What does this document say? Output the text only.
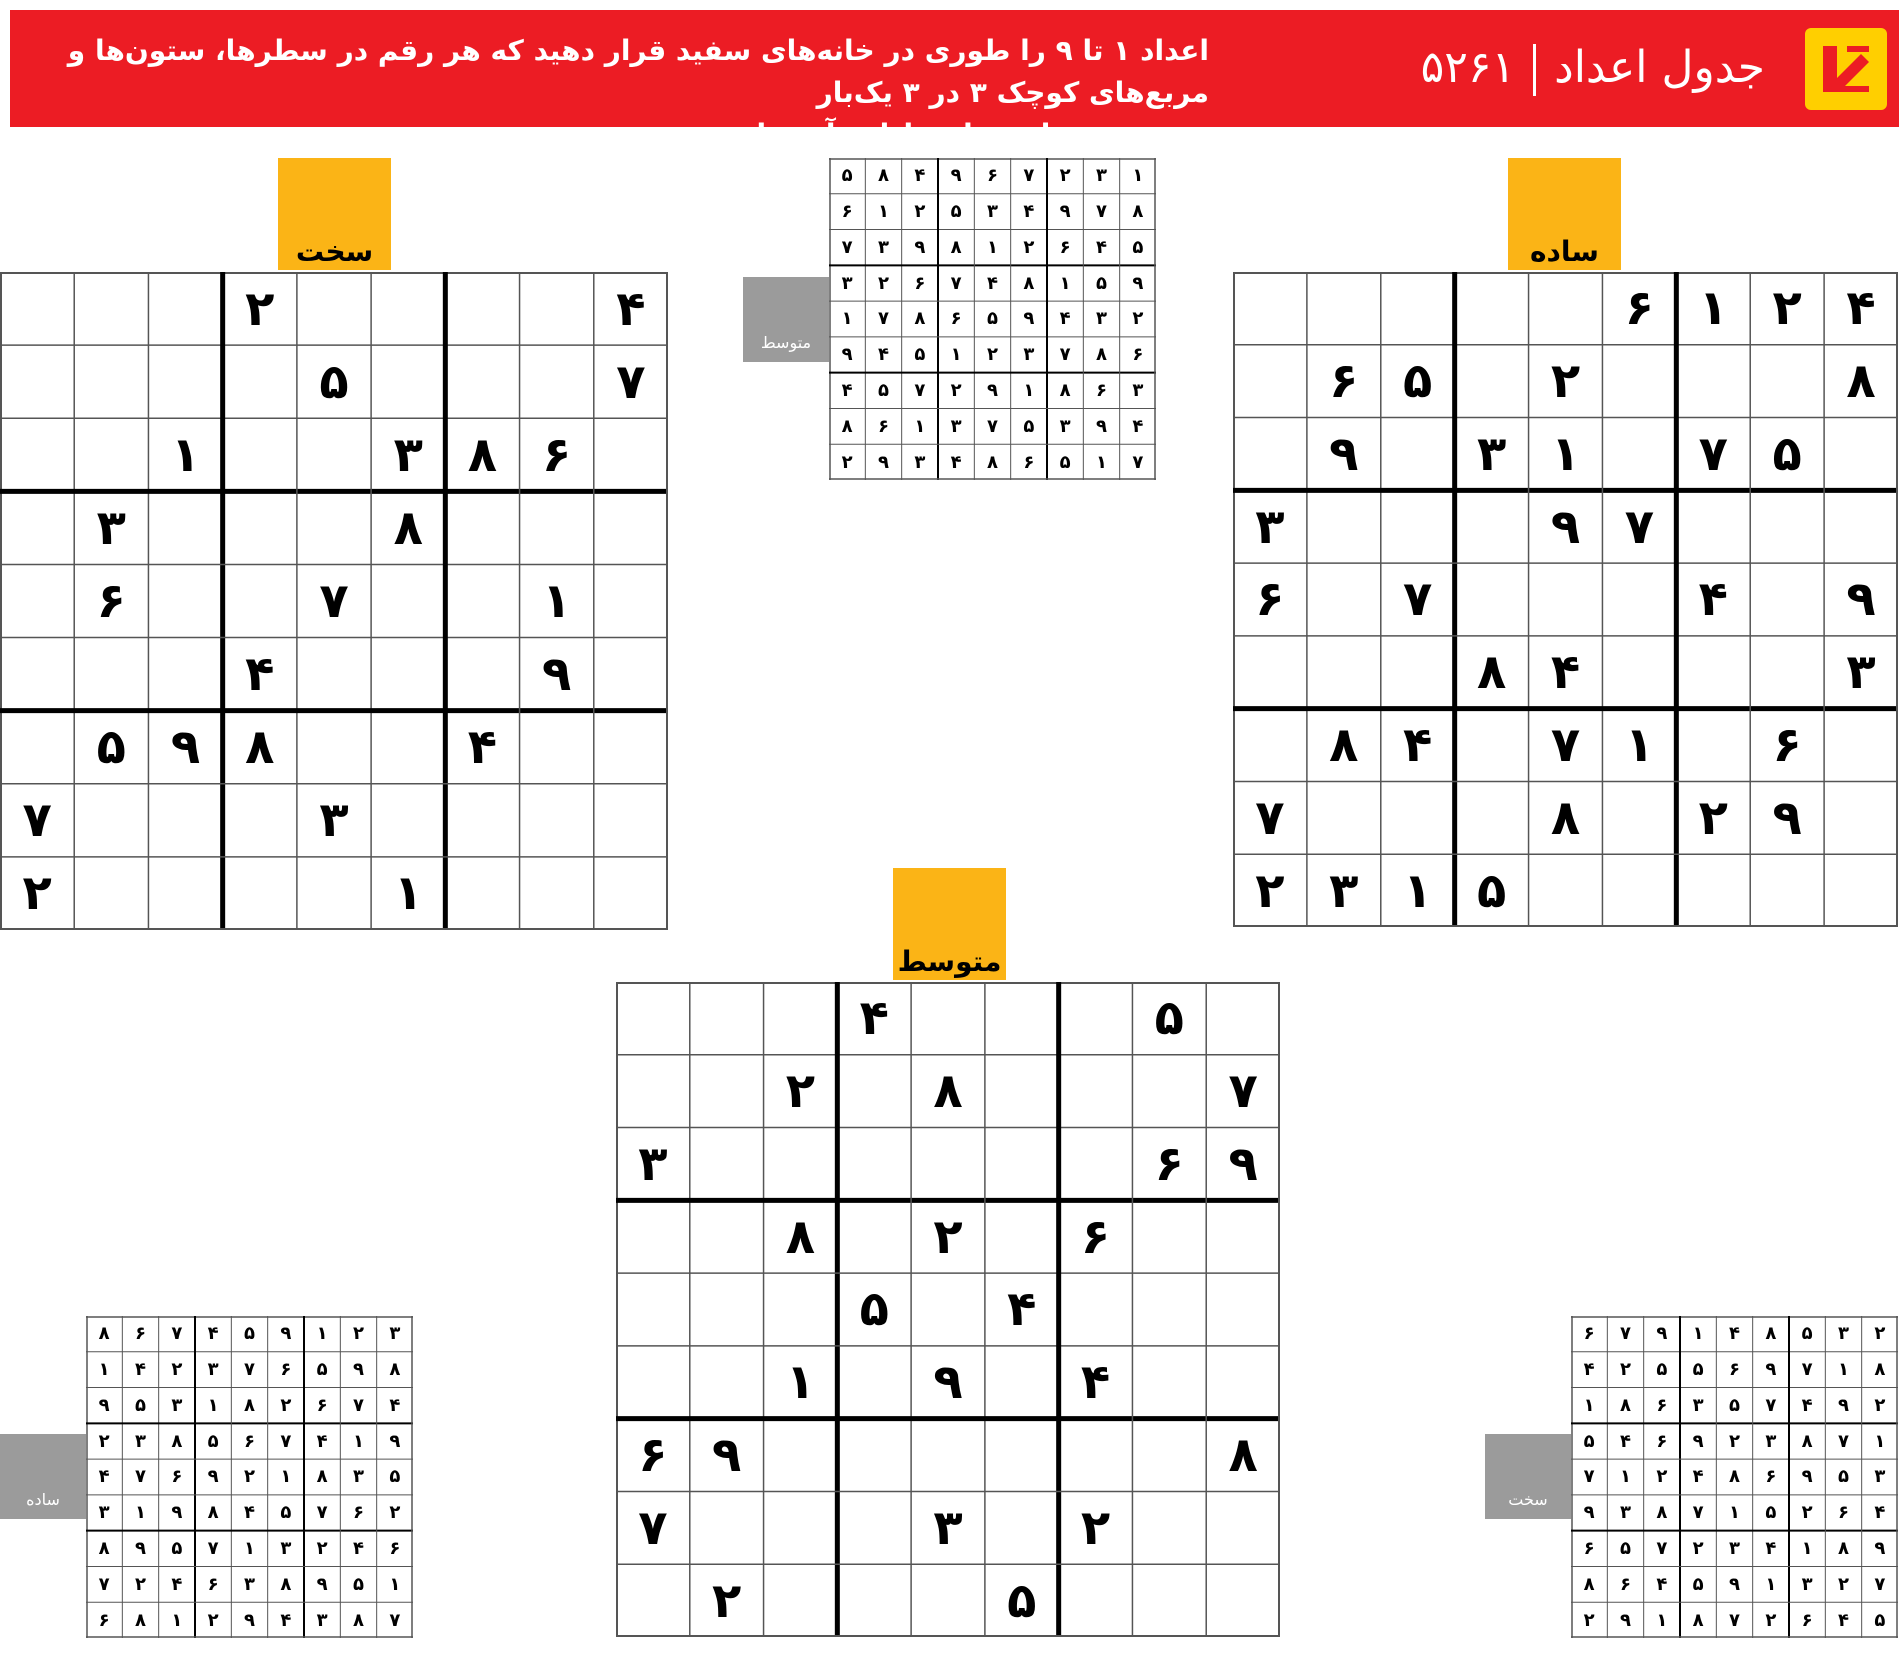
جدول اعداد۵۲۶۱
اعداد ۱ تا ۹ را طوری در خانه‌های سفید قرار دهید که هر رقم در سطرها، ستون‌ها و مربع‌های کوچک ۳ در ۳ یک‌بار
دیده شود. پاسخ‌ها در ادامه آمده است.
ساده
سخت
متوسط
متوسط
ساده	سخت
۴
۲
۱
۶
۸
۲
۵
۶
۵
۷
۱
۳
۹
۷
۹
۳
۹
۴
۷
۶
۳
۴
۸
۶
۱
۷
۴
۸
۹
۲
۸
۷
۵
۱
۳
۲
۴
۲
۷
۵
۶
۸
۳
۱
۸
۳
۱
۷
۶
۹
۴
۴
۸
۹
۵
۳
۷
۱
۲
۵
۴
۷
۸
۲
۹
۶
۳
۶
۲
۸
۴
۵
۴
۹
۱
۸
۹
۶
۲
۳
۷
۵
۲
۱
۳
۲
۷
۶
۹
۴
۸
۵
۸
۷
۹
۴
۳
۵
۲
۱
۶
۵
۴
۶
۲
۱
۸
۹
۳
۷
۹
۵
۱
۸
۴
۷
۶
۲
۳
۲
۳
۴
۹
۵
۶
۸
۷
۱
۶
۸
۷
۳
۲
۱
۵
۴
۹
۳
۶
۸
۱
۹
۲
۷
۵
۴
۴
۹
۳
۵
۷
۳
۱
۶
۸
۷
۱
۵
۶
۸
۴
۳
۹
۲
۳
۲
۱
۹
۵
۴
۷
۶
۸
۸
۹
۵
۶
۷
۳
۲
۴
۱
۴
۷
۶
۲
۸
۱
۳
۵
۹
۹
۱
۴
۷
۶
۵
۸
۳
۲
۵
۳
۸
۱
۲
۹
۶
۷
۴
۲
۶
۷
۵
۴
۸
۹
۱
۳
۶
۴
۲
۳
۱
۷
۵
۹
۸
۱
۵
۹
۸
۳
۶
۴
۲
۷
۷
۸
۳
۴
۹
۲
۱
۸
۶
۲
۳
۵
۸
۴
۱
۹
۷
۶
۸
۱
۷
۹
۶
۵
۵
۲
۴
۲
۹
۴
۷
۵
۳
۶
۸
۱
۱
۷
۸
۳
۲
۹
۶
۴
۵
۳
۵
۹
۶
۸
۴
۲
۱
۷
۴
۶
۲
۵
۱
۷
۸
۳
۹
۹
۸
۱
۴
۳
۲
۷
۵
۶
۷
۲
۳
۱
۹
۵
۴
۶
۸
۵
۴
۶
۲
۷
۸
۱
۹
۲
